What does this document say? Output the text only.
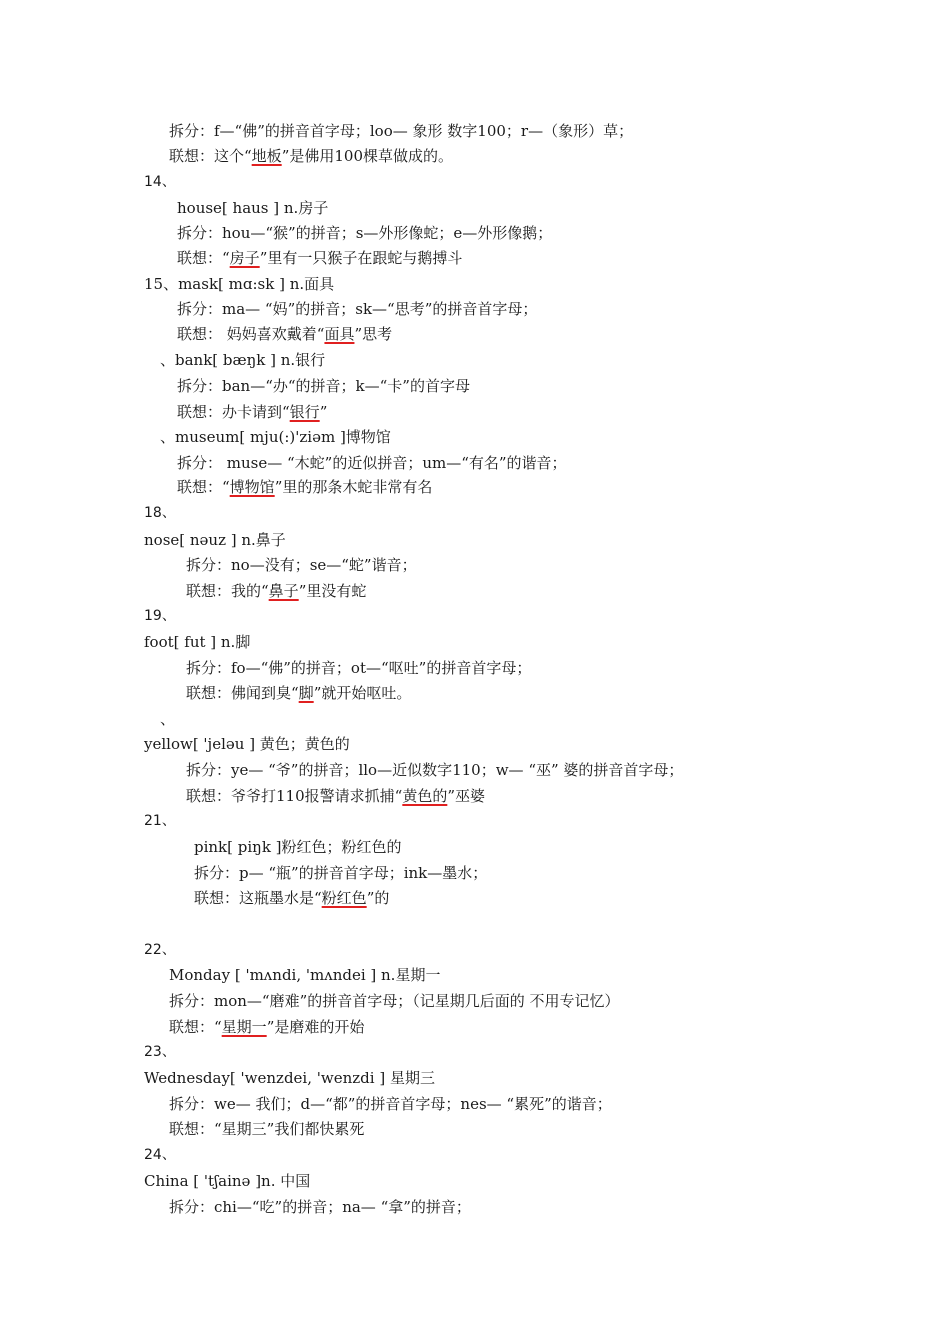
拆分：f—“佛”的拼音首字母；loo— 象形 数字100；r—（象形）草；
联想：这个“地板”是佛用100棵草做成的。
14、
house[ haus ] n.房子
拆分：hou—“猴”的拼音；s—外形像蛇；e—外形像鹅；
联想：“房子”里有一只猴子在跟蛇与鹅搏斗
15、mask[ mɑ:sk ] n.面具
拆分：ma— “妈”的拼音；sk—“思考”的拼音首字母；
联想： 妈妈喜欢戴着“面具”思考
、bank[ bæŋk ] n.银行
拆分：ban—“办“的拼音；k—“卡”的首字母
联想：办卡请到“银行”
、museum[ mju(:)'ziəm ]博物馆
拆分： muse— “木蛇”的近似拼音；um—“有名”的谐音；
联想：“博物馆”里的那条木蛇非常有名
18、
nose[ nəuz ] n.鼻子
拆分：no—没有；se—“蛇”谐音；
联想：我的“鼻子”里没有蛇
19、
foot[ fut ] n.脚
拆分：fo—“佛”的拼音；ot—“呕吐”的拼音首字母；
联想：佛闻到臭“脚”就开始呕吐。
、
yellow[ 'jeləu ] 黄色；黄色的
拆分：ye— “爷”的拼音；llo—近似数字110；w— “巫” 婆的拼音首字母；
联想：爷爷打110报警请求抓捕“黄色的”巫婆
21、
pink[ piŋk ]粉红色；粉红色的
拆分：p— “瓶”的拼音首字母；ink—墨水；
联想：这瓶墨水是“粉红色”的
22、
Monday [ 'mʌndi, 'mʌndei ] n.星期一
拆分：mon—“磨难”的拼音首字母；（记星期几后面的 不用专记忆）
联想：“星期一”是磨难的开始
23、
Wednesday[ 'wenzdei, 'wenzdi ] 星期三
拆分：we— 我们；d—“都”的拼音首字母；nes— “累死”的谐音；
联想：“星期三”我们都快累死
24、
China [ 'tʃainə ]n. 中国
拆分：chi—“吃”的拼音；na— “拿”的拼音；
